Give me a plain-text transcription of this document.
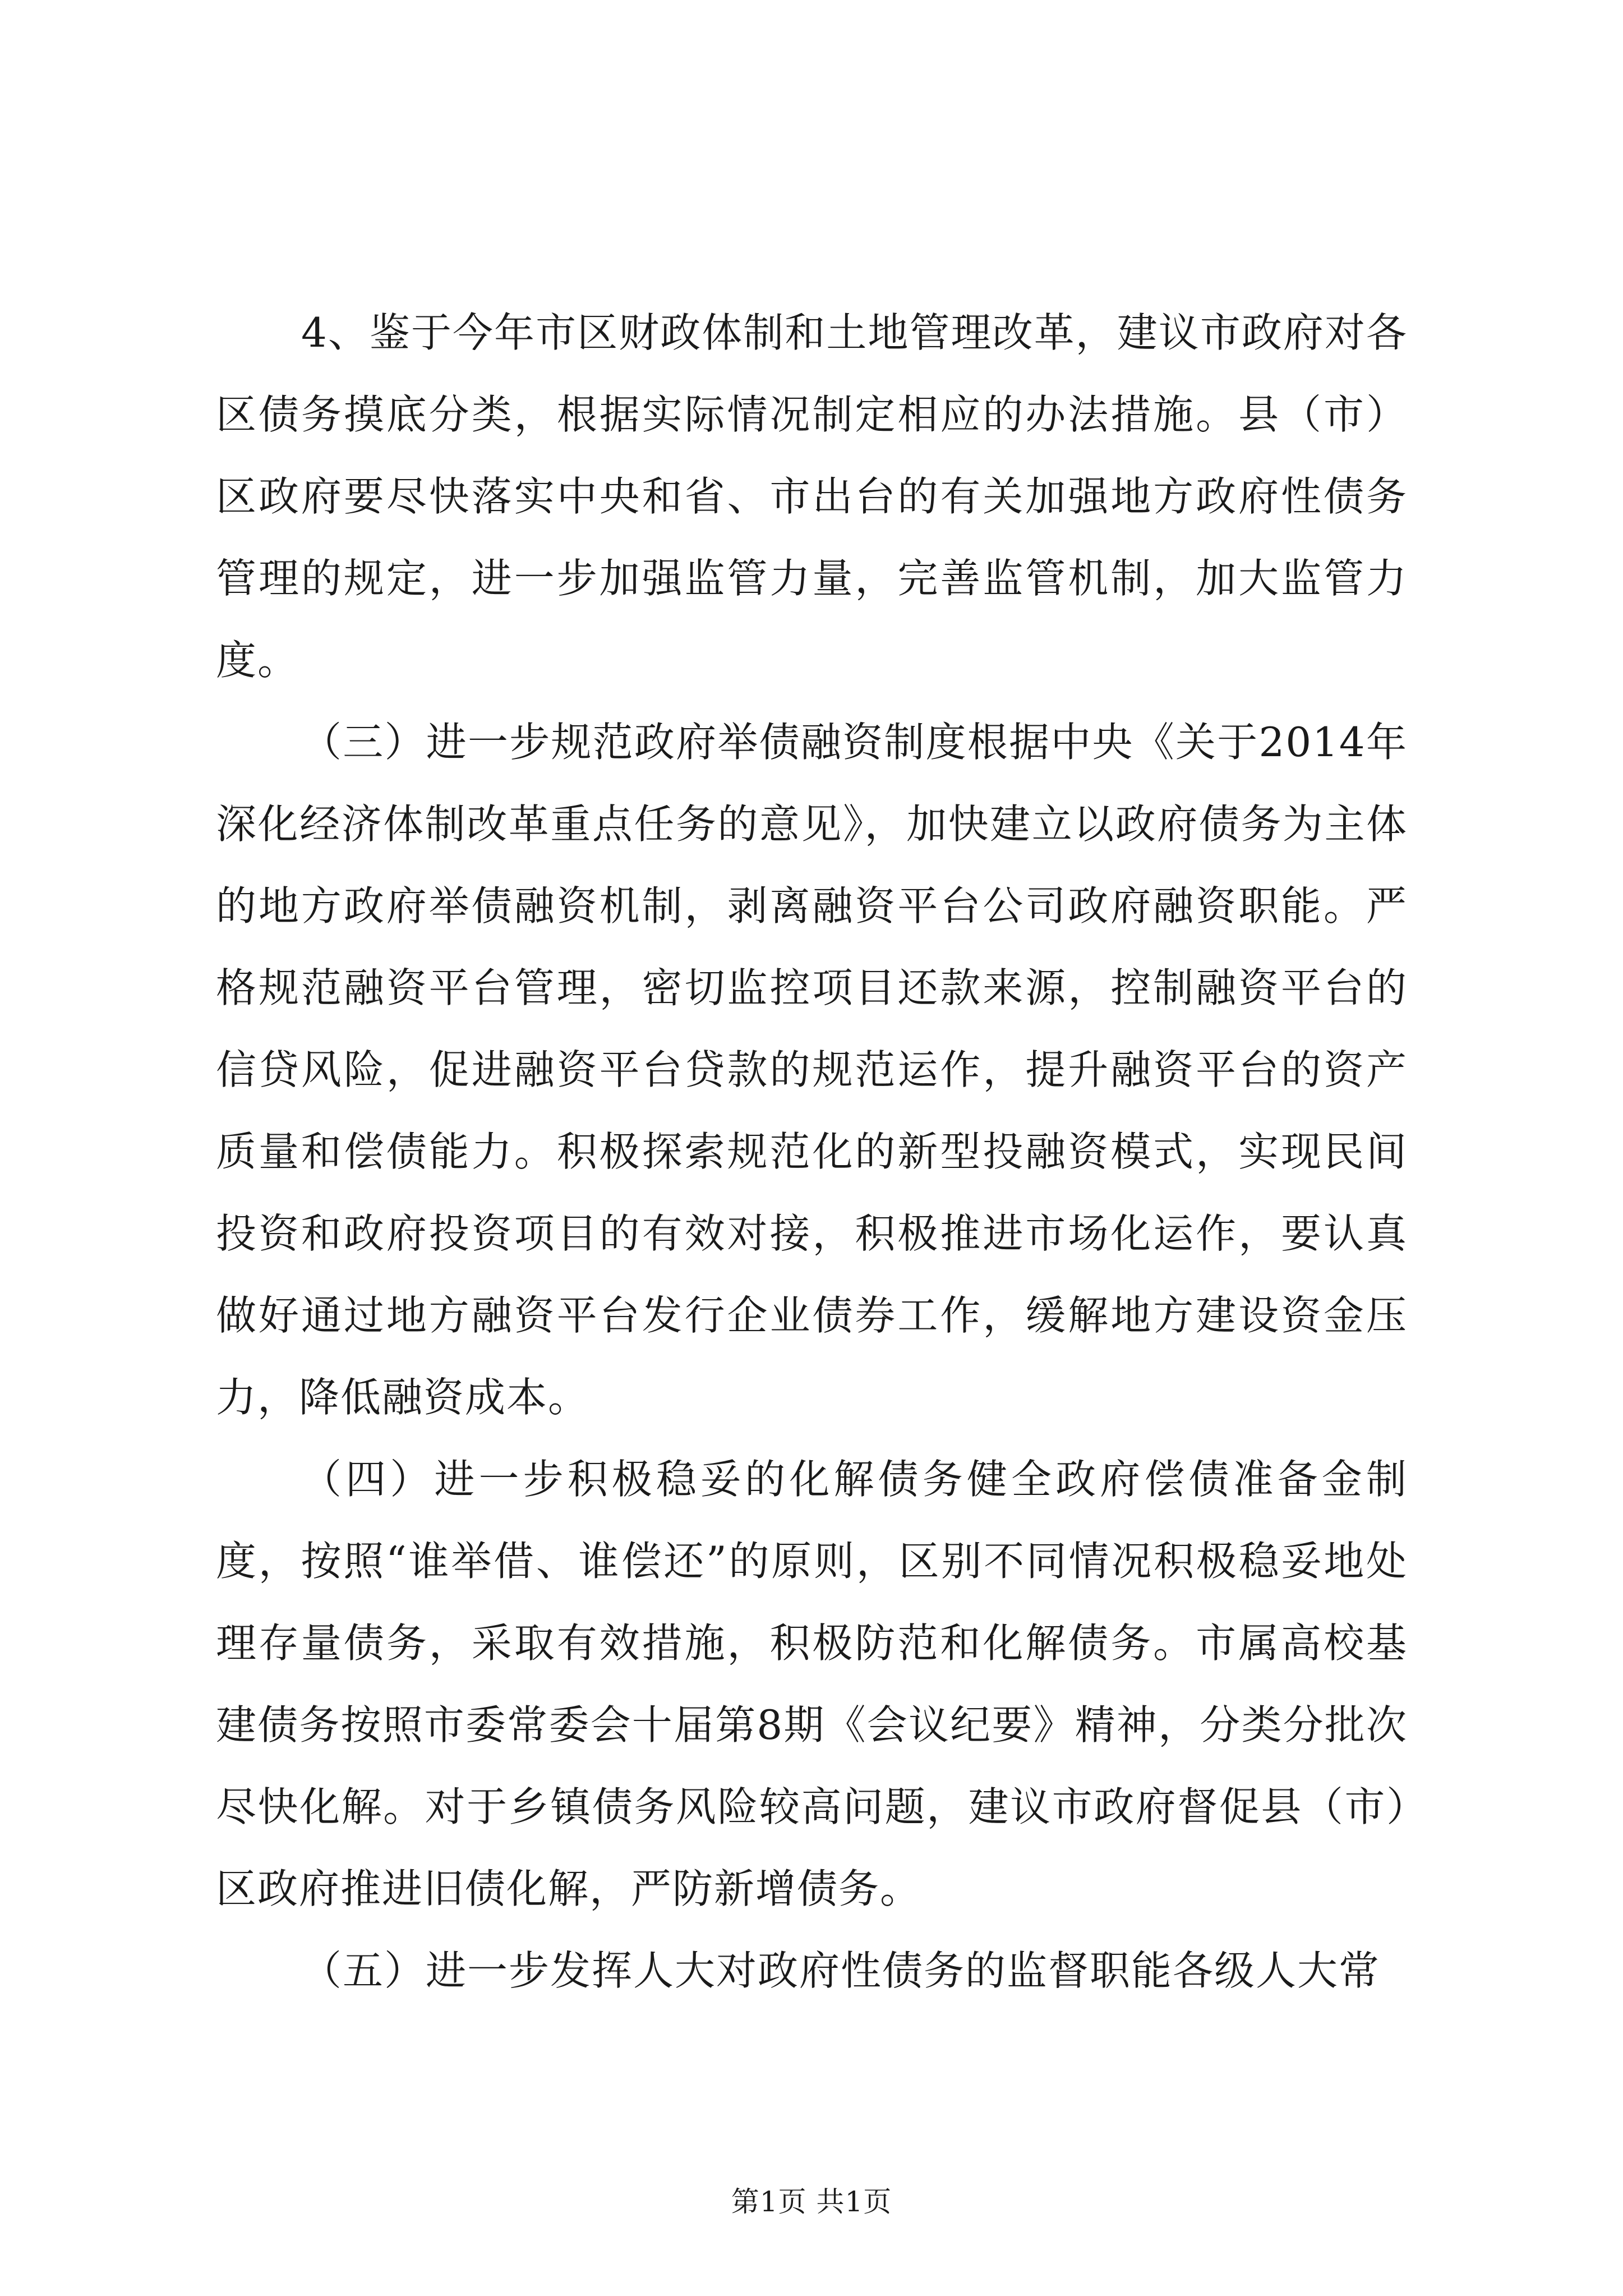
4、鉴于今年市区财政体制和土地管理改革，建议市政府对各区债务摸底分类，根据实际情况制定相应的办法措施。县（市）区政府要尽快落实中央和省、市出台的有关加强地方政府性债务管理的规定，进一步加强监管力量，完善监管机制，加大监管力度。

（三）进一步规范政府举债融资制度根据中央《关于2014年深化经济体制改革重点任务的意见》，加快建立以政府债务为主体的地方政府举债融资机制，剥离融资平台公司政府融资职能。严格规范融资平台管理，密切监控项目还款来源，控制融资平台的信贷风险，促进融资平台贷款的规范运作，提升融资平台的资产质量和偿债能力。积极探索规范化的新型投融资模式，实现民间投资和政府投资项目的有效对接，积极推进市场化运作，要认真做好通过地方融资平台发行企业债券工作，缓解地方建设资金压力，降低融资成本。

（四）进一步积极稳妥的化解债务健全政府偿债准备金制度，按照“谁举借、谁偿还”的原则，区别不同情况积极稳妥地处理存量债务，采取有效措施，积极防范和化解债务。市属高校基建债务按照市委常委会十届第8期《会议纪要》精神，分类分批次尽快化解。对于乡镇债务风险较高问题，建议市政府督促县（市）区政府推进旧债化解，严防新增债务。

（五）进一步发挥人大对政府性债务的监督职能各级人大常

第1页 共1页
